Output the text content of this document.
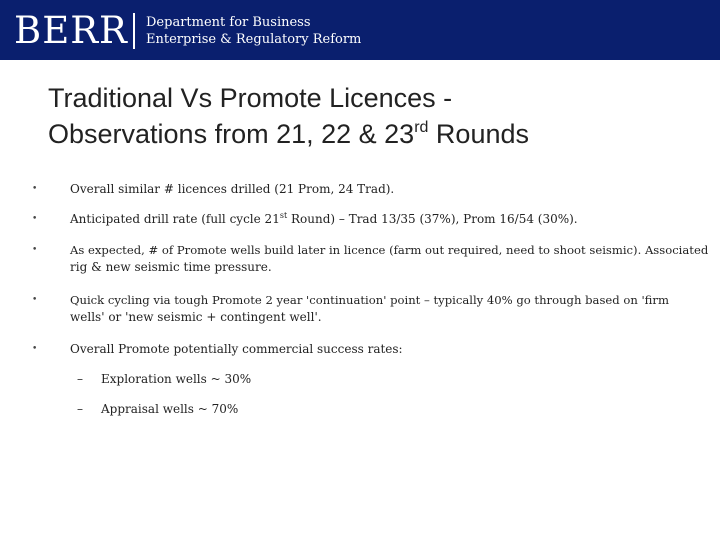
BERR Department for Business
Enterprise & Regulatory Reform
Traditional Vs Promote Licences -
Observations from 21, 22 & 23rd Rounds
•	Overall similar # licences drilled (21 Prom, 24 Trad).
•	Anticipated drill rate (full cycle 21st Round) – Trad 13/35 (37%), Prom 16/54 (30%).
•	As expected, # of Promote wells build later in licence (farm out required, need to shoot seismic). Associated
rig & new seismic time pressure.
•	Quick cycling via tough Promote 2 year 'continuation' point – typically 40% go through based on 'firm
wells' or 'new seismic + contingent well'.
•	Overall Promote potentially commercial success rates:
– Exploration wells ~ 30%
– Appraisal wells ~ 70%
